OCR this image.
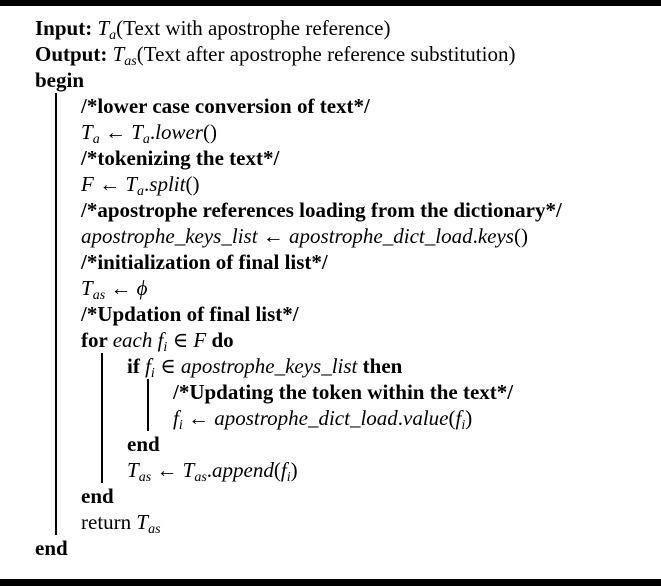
Input: $T_a(Text$ with apostrophe reference)
Output: $T_{as}(Text$ after apostrophe reference substitution)
begin
/*lower case conversion of text*/
$T_a$ ← $T_a.lower()$
/*tokenizing the text*/
F ← $T_a.split()$
/*apostrophe references loading from the dictionary*/
apostrophe_keys_list ← apostrophe_dict_load.keys()
/*initialization of final list*/
$T_{as}$ ← ϕ
/*Updation of final list*/
for each $f_i$ ∈ F do
if $f_i$ ∈ apostrophe_keys_list then
/*Updating the token within the text*/
$f_i$ ← $apostrophe\_dict\_load.value(f_i)$
end
$T_{as}$ ← $T_{as}.append(f_i)$
end
return $T_{as}$
end
